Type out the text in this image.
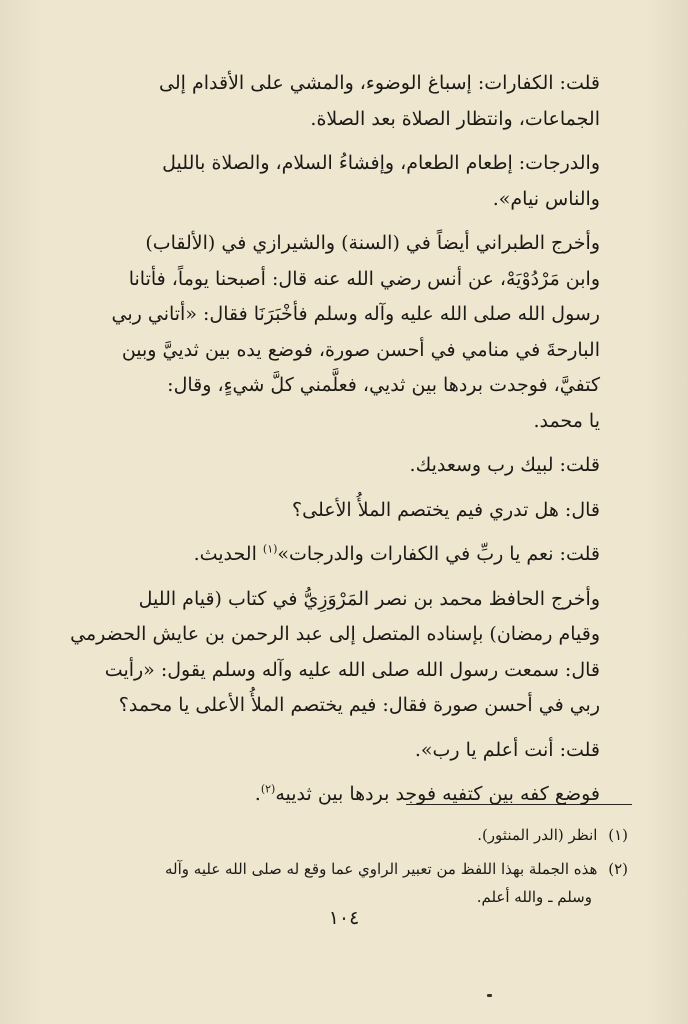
قلت: الكفارات: إسباغ الوضوء، والمشي على الأقدام إلى
الجماعات، وانتظار الصلاة بعد الصلاة.

والدرجات: إطعام الطعام، وإفشاءُ السلام، والصلاة بالليل
والناس نيام».

وأخرج الطبراني أيضاً في (السنة) والشيرازي في (الألقاب)
وابن مَرْدُوْيَهْ، عن أنس رضي الله عنه قال: أصبحنا يوماً، فأتانا
رسول الله صلى الله عليه وآله وسلم فأخْبَرَنَا فقال: «أتاني ربي
البارحةَ في منامي في أحسن صورة، فوضع يده بين ثدييَّ وبين
كتفيَّ، فوجدت بردها بين ثديي، فعلَّمني كلَّ شيءٍ، وقال:
يا محمد.

قلت: لبيك رب وسعديك.

قال: هل تدري فيم يختصم الملأُ الأعلى؟

قلت: نعم يا ربِّ في الكفارات والدرجات»$^{(١)}$ الحديث.

وأخرج الحافظ محمد بن نصر المَرْوَزِيُّ في كتاب (قيام الليل
وقيام رمضان) بإسناده المتصل إلى عبد الرحمن بن عايش الحضرمي
قال: سمعت رسول الله صلى الله عليه وآله وسلم يقول: «رأيت
ربي في أحسن صورة فقال: فيم يختصم الملأُ الأعلى يا محمد؟

قلت: أنت أعلم يا رب».

فوضع كفه بين كتفيه فوجد بردها بين ثدييه$^{(٢)}$.

(١) انظر (الدر المنثور).
(٢) هذه الجملة بهذا اللفظ من تعبير الراوي عما وقع له صلى الله عليه وآله
وسلم ـ والله أعلم.
١٠٤
